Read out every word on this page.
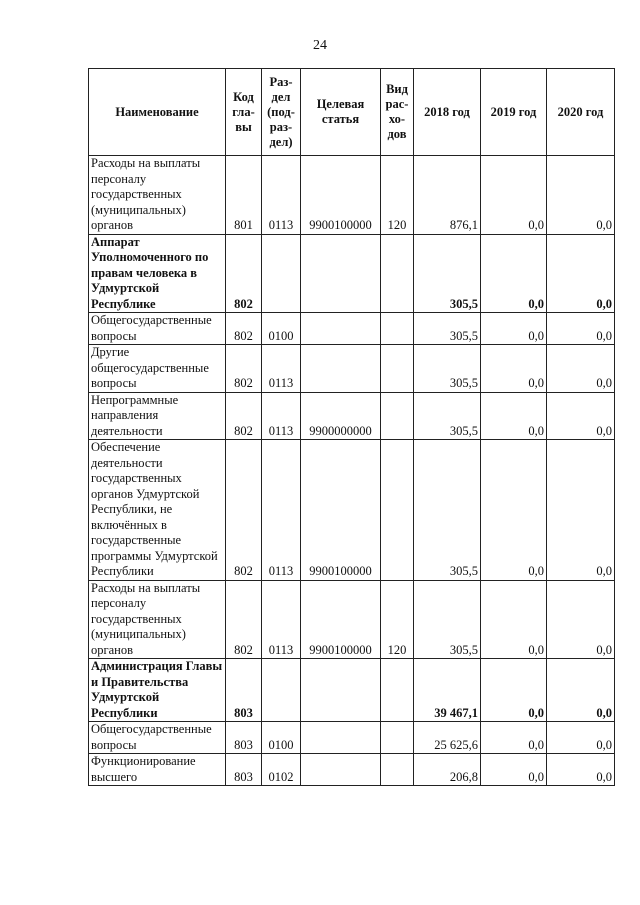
24
Наименование	Код гла-вы	Раз-дел (под-раз-дел)	Целевая статья	Вид рас-хо-дов	2018 год	2019 год	2020 год
Расходы на выплаты персоналу государственных (муниципальных) органов	801	0113	9900100000	120	876,1	0,0	0,0
Аппарат Уполномоченного по правам человека в Удмуртской Республике	802				305,5	0,0	0,0
Общегосударственные вопросы	802	0100			305,5	0,0	0,0
Другие общегосударственные вопросы	802	0113			305,5	0,0	0,0
Непрограммные направления деятельности	802	0113	9900000000		305,5	0,0	0,0
Обеспечение деятельности государственных органов Удмуртской Республики, не включённых в государственные программы Удмуртской Республики	802	0113	9900100000		305,5	0,0	0,0
Расходы на выплаты персоналу государственных (муниципальных) органов	802	0113	9900100000	120	305,5	0,0	0,0
Администрация Главы и Правительства Удмуртской Республики	803				39 467,1	0,0	0,0
Общегосударственные вопросы	803	0100			25 625,6	0,0	0,0
Функционирование высшего	803	0102			206,8	0,0	0,0
